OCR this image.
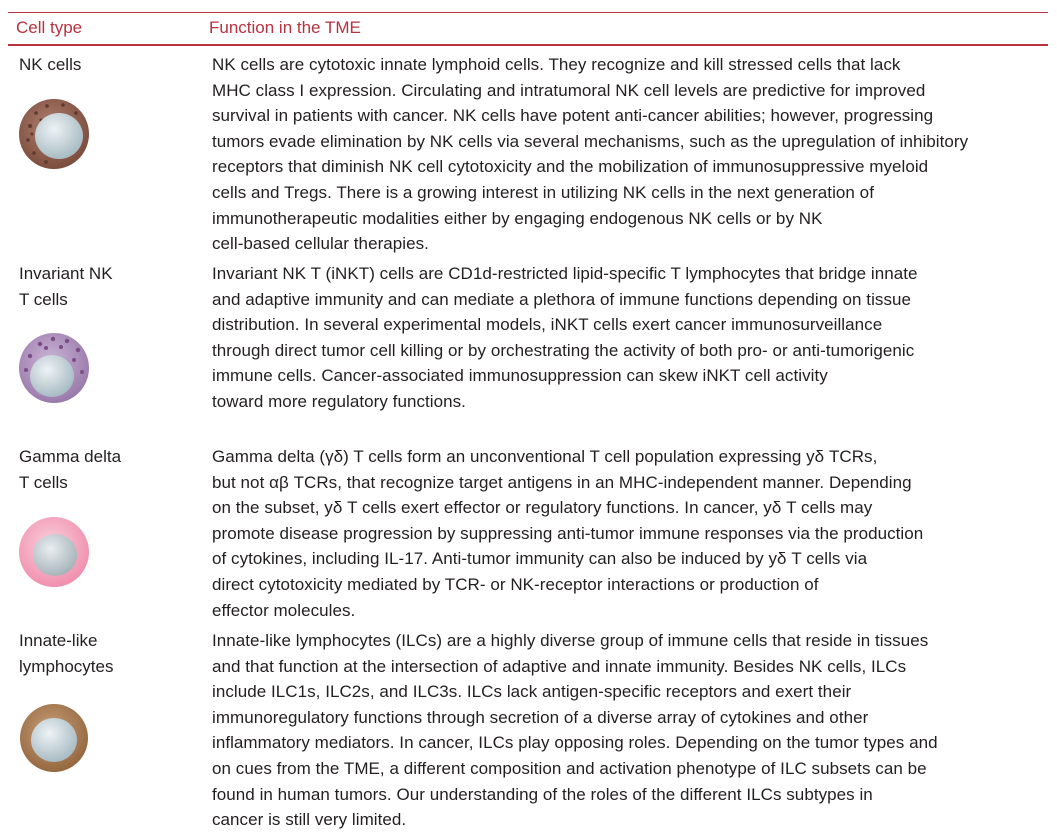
Cell type	Function in the TME
NK cells	NK cells are cytotoxic innate lymphoid cells. They recognize and kill stressed cells that lack
MHC class I expression. Circulating and intratumoral NK cell levels are predictive for improved
survival in patients with cancer. NK cells have potent anti-cancer abilities; however, progressing
tumors evade elimination by NK cells via several mechanisms, such as the upregulation of inhibitory
receptors that diminish NK cell cytotoxicity and the mobilization of immunosuppressive myeloid
cells and Tregs. There is a growing interest in utilizing NK cells in the next generation of
immunotherapeutic modalities either by engaging endogenous NK cells or by NK
cell-based cellular therapies.
Invariant NK
T cells
Invariant NK T (iNKT) cells are CD1d-restricted lipid-specific T lymphocytes that bridge innate
and adaptive immunity and can mediate a plethora of immune functions depending on tissue
distribution. In several experimental models, iNKT cells exert cancer immunosurveillance
through direct tumor cell killing or by orchestrating the activity of both pro- or anti-tumorigenic
immune cells. Cancer-associated immunosuppression can skew iNKT cell activity
toward more regulatory functions.
Gamma delta
T cells
Gamma delta (γδ) T cells form an unconventional T cell population expressing yδ TCRs,
but not αβ TCRs, that recognize target antigens in an MHC-independent manner. Depending
on the subset, yδ T cells exert effector or regulatory functions. In cancer, yδ T cells may
promote disease progression by suppressing anti-tumor immune responses via the production
of cytokines, including IL-17. Anti-tumor immunity can also be induced by yδ T cells via
direct cytotoxicity mediated by TCR- or NK-receptor interactions or production of
effector molecules.
Innate-like
lymphocytes
Innate-like lymphocytes (ILCs) are a highly diverse group of immune cells that reside in tissues
and that function at the intersection of adaptive and innate immunity. Besides NK cells, ILCs
include ILC1s, ILC2s, and ILC3s. ILCs lack antigen-specific receptors and exert their
immunoregulatory functions through secretion of a diverse array of cytokines and other
inflammatory mediators. In cancer, ILCs play opposing roles. Depending on the tumor types and
on cues from the TME, a different composition and activation phenotype of ILC subsets can be
found in human tumors. Our understanding of the roles of the different ILCs subtypes in
cancer is still very limited.
